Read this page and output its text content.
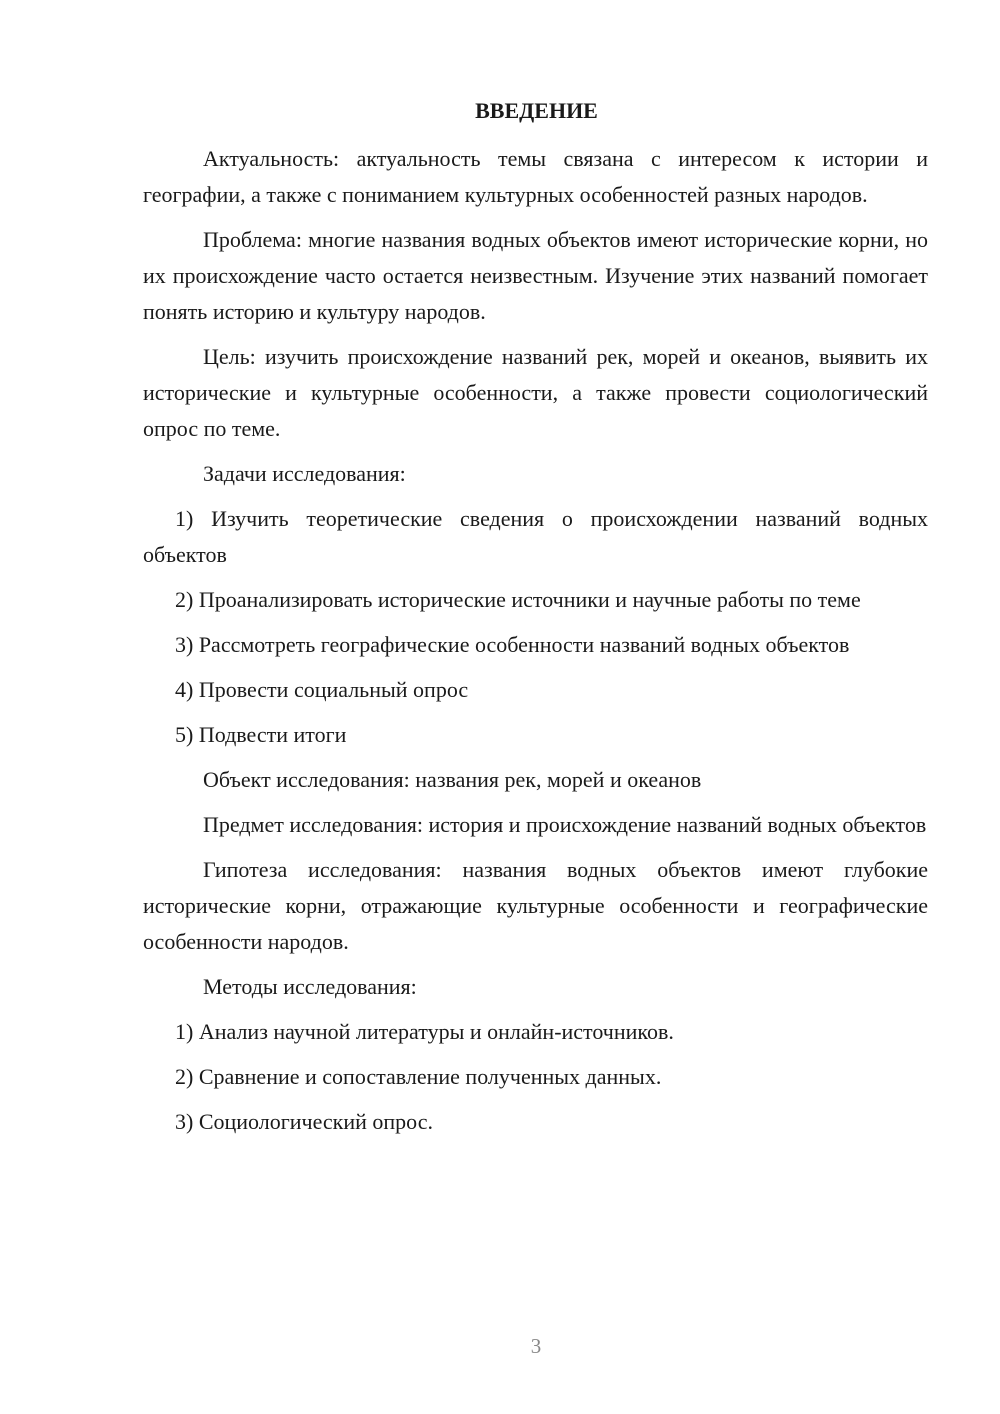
ВВЕДЕНИЕ

Актуальность: актуальность темы связана с интересом к истории и географии, а также с пониманием культурных особенностей разных народов.

Проблема: многие названия водных объектов имеют исторические корни, но их происхождение часто остается неизвестным. Изучение этих названий помогает понять историю и культуру народов.

Цель: изучить происхождение названий рек, морей и океанов, выявить их исторические и культурные особенности, а также провести социологический опрос по теме.

Задачи исследования:

1) Изучить теоретические сведения о происхождении названий водных объектов

2) Проанализировать исторические источники и научные работы по теме

3) Рассмотреть географические особенности названий водных объектов

4) Провести социальный опрос

5) Подвести итоги

Объект исследования: названия рек, морей и океанов

Предмет исследования: история и происхождение названий водных объектов

Гипотеза исследования: названия водных объектов имеют глубокие исторические корни, отражающие культурные особенности и географические особенности народов.

Методы исследования:

1) Анализ научной литературы и онлайн-источников.

2) Сравнение и сопоставление полученных данных.

3) Социологический опрос.

3
